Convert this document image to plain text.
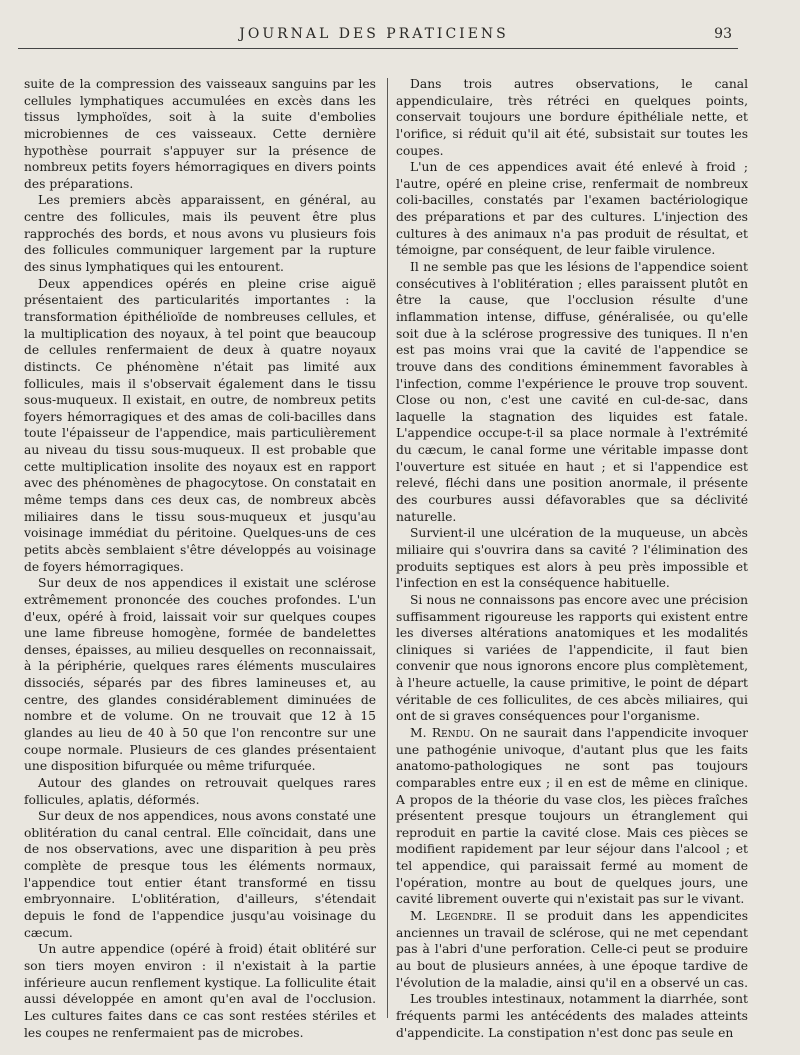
JOURNAL DES PRATICIENS	93

suite de la compression des vaisseaux sanguins par les cellules lymphatiques accumulées en excès dans les tissus lymphoïdes, soit à la suite d'embolies microbiennes de ces vaisseaux. Cette dernière hypothèse pourrait s'appuyer sur la présence de nombreux petits foyers hémorragiques en divers points des préparations.

Les premiers abcès apparaissent, en général, au centre des follicules, mais ils peuvent être plus rapprochés des bords, et nous avons vu plusieurs fois des follicules communiquer largement par la rupture des sinus lymphatiques qui les entourent.

Deux appendices opérés en pleine crise aiguë présentaient des particularités importantes : la transformation épithélioïde de nombreuses cellules, et la multiplication des noyaux, à tel point que beaucoup de cellules renfermaient de deux à quatre noyaux distincts. Ce phénomène n'était pas limité aux follicules, mais il s'observait également dans le tissu sous-muqueux. Il existait, en outre, de nombreux petits foyers hémorragiques et des amas de coli-bacilles dans toute l'épaisseur de l'appendice, mais particulièrement au niveau du tissu sous-muqueux. Il est probable que cette multiplication insolite des noyaux est en rapport avec des phénomènes de phagocytose. On constatait en même temps dans ces deux cas, de nombreux abcès miliaires dans le tissu sous-muqueux et jusqu'au voisinage immédiat du péritoine. Quelques-uns de ces petits abcès semblaient s'être développés au voisinage de foyers hémorragiques.

Sur deux de nos appendices il existait une sclérose extrêmement prononcée des couches profondes. L'un d'eux, opéré à froid, laissait voir sur quelques coupes une lame fibreuse homogène, formée de bandelettes denses, épaisses, au milieu desquelles on reconnaissait, à la périphérie, quelques rares éléments musculaires dissociés, séparés par des fibres lamineuses et, au centre, des glandes considérablement diminuées de nombre et de volume. On ne trouvait que 12 à 15 glandes au lieu de 40 à 50 que l'on rencontre sur une coupe normale. Plusieurs de ces glandes présentaient une disposition bifurquée ou même trifurquée.

Autour des glandes on retrouvait quelques rares follicules, aplatis, déformés.

Sur deux de nos appendices, nous avons constaté une oblitération du canal central. Elle coïncidait, dans une de nos observations, avec une disparition à peu près complète de presque tous les éléments normaux, l'appendice tout entier étant transformé en tissu embryonnaire. L'oblitération, d'ailleurs, s'étendait depuis le fond de l'appendice jusqu'au voisinage du cæcum.

Un autre appendice (opéré à froid) était oblitéré sur son tiers moyen environ : il n'existait à la partie inférieure aucun renflement kystique. La folliculite était aussi développée en amont qu'en aval de l'occlusion. Les cultures faites dans ce cas sont restées stériles et les coupes ne renfermaient pas de microbes.

Dans trois autres observations, le canal appendiculaire, très rétréci en quelques points, conservait toujours une bordure épithéliale nette, et l'orifice, si réduit qu'il ait été, subsistait sur toutes les coupes.

L'un de ces appendices avait été enlevé à froid ; l'autre, opéré en pleine crise, renfermait de nombreux coli-bacilles, constatés par l'examen bactériologique des préparations et par des cultures. L'injection des cultures à des animaux n'a pas produit de résultat, et témoigne, par conséquent, de leur faible virulence.

Il ne semble pas que les lésions de l'appendice soient consécutives à l'oblitération ; elles paraissent plutôt en être la cause, que l'occlusion résulte d'une inflammation intense, diffuse, généralisée, ou qu'elle soit due à la sclérose progressive des tuniques. Il n'en est pas moins vrai que la cavité de l'appendice se trouve dans des conditions éminemment favorables à l'infection, comme l'expérience le prouve trop souvent. Close ou non, c'est une cavité en cul-de-sac, dans laquelle la stagnation des liquides est fatale. L'appendice occupe-t-il sa place normale à l'extrémité du cæcum, le canal forme une véritable impasse dont l'ouverture est située en haut ; et si l'appendice est relevé, fléchi dans une position anormale, il présente des courbures aussi défavorables que sa déclivité naturelle.

Survient-il une ulcération de la muqueuse, un abcès miliaire qui s'ouvrira dans sa cavité ? l'élimination des produits septiques est alors à peu près impossible et l'infection en est la conséquence habituelle.

Si nous ne connaissons pas encore avec une précision suffisamment rigoureuse les rapports qui existent entre les diverses altérations anatomiques et les modalités cliniques si variées de l'appendicite, il faut bien convenir que nous ignorons encore plus complètement, à l'heure actuelle, la cause primitive, le point de départ véritable de ces folliculites, de ces abcès miliaires, qui ont de si graves conséquences pour l'organisme.

M. Rendu. On ne saurait dans l'appendicite invoquer une pathogénie univoque, d'autant plus que les faits anatomo-pathologiques ne sont pas toujours comparables entre eux ; il en est de même en clinique. A propos de la théorie du vase clos, les pièces fraîches présentent presque toujours un étranglement qui reproduit en partie la cavité close. Mais ces pièces se modifient rapidement par leur séjour dans l'alcool ; et tel appendice, qui paraissait fermé au moment de l'opération, montre au bout de quelques jours, une cavité librement ouverte qui n'existait pas sur le vivant.

M. Legendre. Il se produit dans les appendicites anciennes un travail de sclérose, qui ne met cependant pas à l'abri d'une perforation. Celle-ci peut se produire au bout de plusieurs années, à une époque tardive de l'évolution de la maladie, ainsi qu'il en a observé un cas.

Les troubles intestinaux, notamment la diarrhée, sont fréquents parmi les antécédents des malades atteints d'appendicite. La constipation n'est donc pas seule en
